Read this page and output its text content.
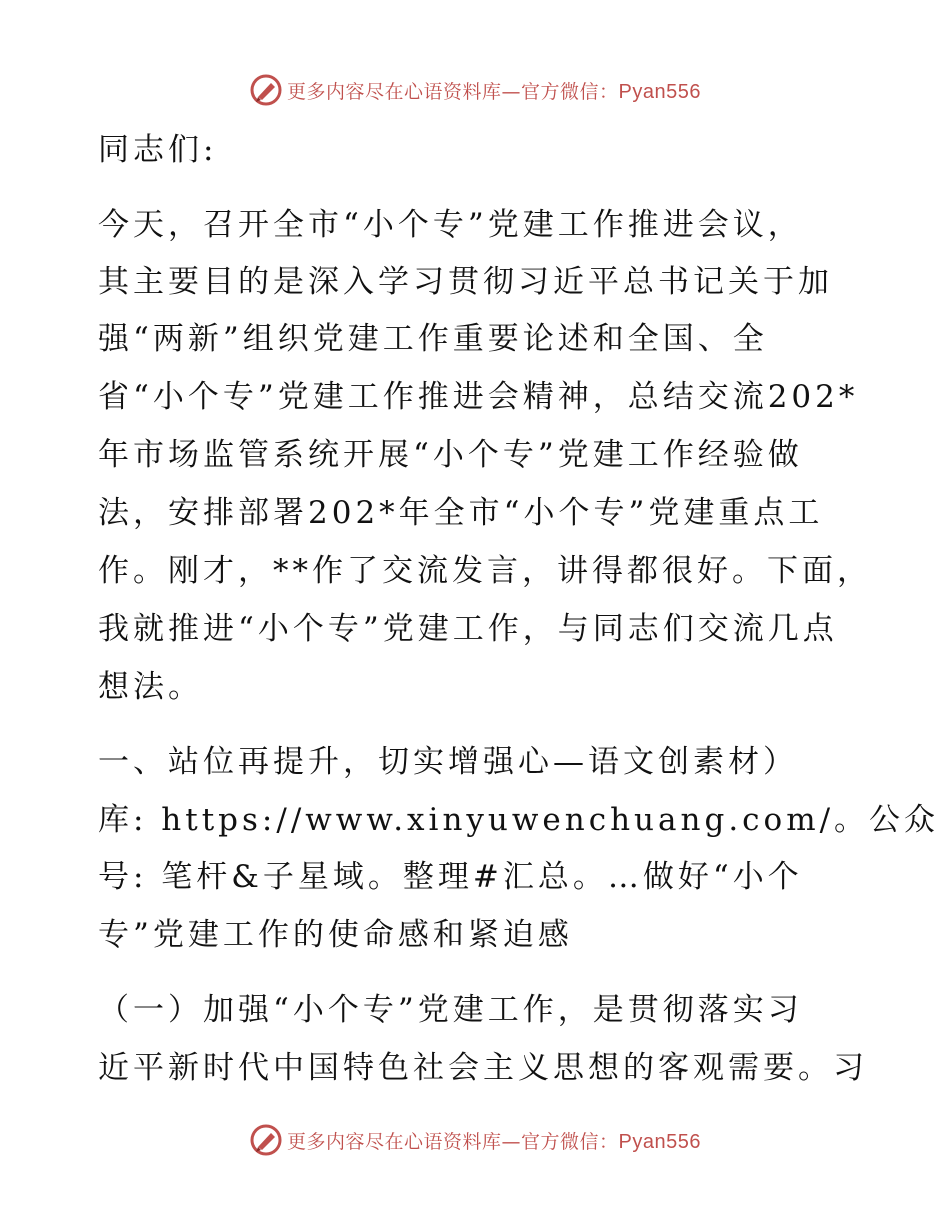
更多内容尽在心语资料库—官方微信：Pyan556
同志们:
今天，召开全市“小个专”党建工作推进会议，
其主要目的是深入学习贯彻习近平总书记关于加
强“两新”组织党建工作重要论述和全国、全
省“小个专”党建工作推进会精神，总结交流202*
年市场监管系统开展“小个专”党建工作经验做
法，安排部署202*年全市“小个专”党建重点工
作。刚才，**作了交流发言，讲得都很好。下面，
我就推进“小个专”党建工作，与同志们交流几点
想法。
一、站位再提升，切实增强心—语文创素材）
库: https://www.xinyuwenchuang.com/。公众
号: 笔杆&子星域。整理#汇总。…做好“小个
专”党建工作的使命感和紧迫感
（一）加强“小个专”党建工作，是贯彻落实习
近平新时代中国特色社会主义思想的客观需要。习
更多内容尽在心语资料库—官方微信：Pyan556
